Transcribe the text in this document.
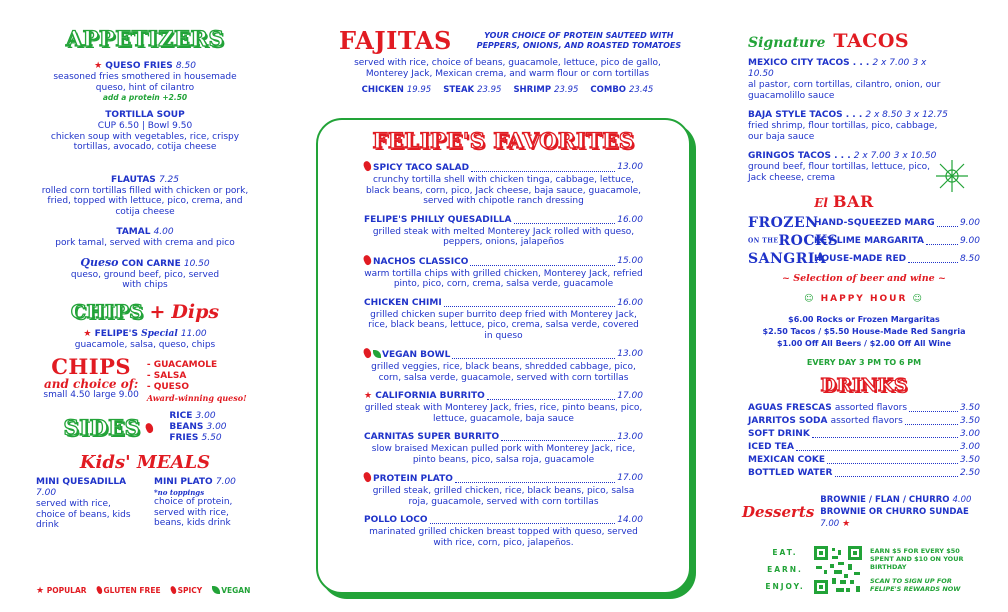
APPETIZERS
★ QUESO FRIES 8.50
seasoned fries smothered in housemade queso, hint of cilantro
add a protein +2.50
TORTILLA SOUP
CUP 6.50 | Bowl 9.50
chicken soup with vegetables, rice, crispy tortillas, avocado, cotija cheese
FLAUTAS 7.25
rolled corn tortillas filled with chicken or pork, fried, topped with lettuce, pico, crema, and cotija cheese
TAMAL 4.00
pork tamal, served with crema and pico
Queso CON CARNE 10.50
queso, ground beef, pico, served with chips
CHIPS + Dips
★ FELIPE'S Special 11.00
guacamole, salsa, queso, chips
CHIPS
and choice of:
small 4.50 large 9.00
- GUACAMOLE
- SALSA
- QUESO
Award-winning queso!
SIDES	RICE 3.00
BEANS 3.00
FRIES 5.50
Kids' MEALS
MINI QUESADILLA 7.00
served with rice, choice of beans, kids drink
MINI PLATO 7.00
*no toppings
choice of protein, served with rice, beans, kids drink
★ POPULAR	GLUTEN FREE	SPICY	VEGAN
FAJITAS	YOUR CHOICE OF PROTEIN SAUTEED WITH PEPPERS, ONIONS, AND ROASTED TOMATOES
served with rice, choice of beans, guacamole, lettuce, pico de gallo, Monterey Jack, Mexican crema, and warm flour or corn tortillas
CHICKEN 19.95 STEAK 23.95 SHRIMP 23.95 COMBO 23.45
FELIPE'S FAVORITES
SPICY TACO SALAD	13.00
crunchy tortilla shell with chicken tinga, cabbage, lettuce, black beans, corn, pico, Jack cheese, baja sauce, guacamole, served with chipotle ranch dressing
FELIPE'S PHILLY QUESADILLA	16.00
grilled steak with melted Monterey Jack rolled with queso, peppers, onions, jalapeños
NACHOS CLASSICO	15.00
warm tortilla chips with grilled chicken, Monterey Jack, refried pinto, pico, corn, crema, salsa verde, guacamole
CHICKEN CHIMI	16.00
grilled chicken super burrito deep fried with Monterey Jack, rice, black beans, lettuce, pico, crema, salsa verde, covered in queso
VEGAN BOWL	13.00
grilled veggies, rice, black beans, shredded cabbage, pico, corn, salsa verde, guacamole, served with corn tortillas
★ CALIFORNIA BURRITO	17.00
grilled steak with Monterey Jack, fries, rice, pinto beans, pico, lettuce, guacamole, baja sauce
CARNITAS SUPER BURRITO	13.00
slow braised Mexican pulled pork with Monterey Jack, rice, pinto beans, pico, salsa roja, guacamole
PROTEIN PLATO	17.00
grilled steak, grilled chicken, rice, black beans, pico, salsa roja, guacamole, served with corn tortillas
POLLO LOCO	14.00
marinated grilled chicken breast topped with queso, served with rice, corn, pico, jalapeños.
Signature TACOS
MEXICO CITY TACOS . . . 2 x 7.00 3 x 10.50
al pastor, corn tortillas, cilantro, onion, our guacamolillo sauce
BAJA STYLE TACOS . . . 2 x 8.50 3 x 12.75
fried shrimp, flour tortillas, pico, cabbage, our baja sauce
GRINGOS TACOS . . . 2 x 7.00 3 x 10.50
ground beef, flour tortillas, lettuce, pico, Jack cheese, crema
El BAR
FROZEN
HAND-SQUEEZED MARG	9.00
ON THEROCKS
KEY LIME MARGARITA	9.00
SANGRIA
HOUSE-MADE RED	8.50
~ Selection of beer and wine ~
☺ HAPPY HOUR ☺
$6.00 Rocks or Frozen Margaritas
$2.50 Tacos / $5.50 House-Made Red Sangria
$1.00 Off All Beers / $2.00 Off All Wine
EVERY DAY 3 PM TO 6 PM
DRINKS
AGUAS FRESCAS assorted flavors	3.50
JARRITOS SODA assorted flavors	3.50
SOFT DRINK	3.00
ICED TEA	3.00
MEXICAN COKE	3.50
BOTTLED WATER	2.50
Desserts
BROWNIE / FLAN / CHURRO 4.00
BROWNIE OR CHURRO SUNDAE 7.00 ★
EAT.
EARN.
ENJOY.
EARN $5 FOR EVERY $50 SPENT AND $10 ON YOUR BIRTHDAY
SCAN TO SIGN UP FOR FELIPE'S REWARDS NOW
